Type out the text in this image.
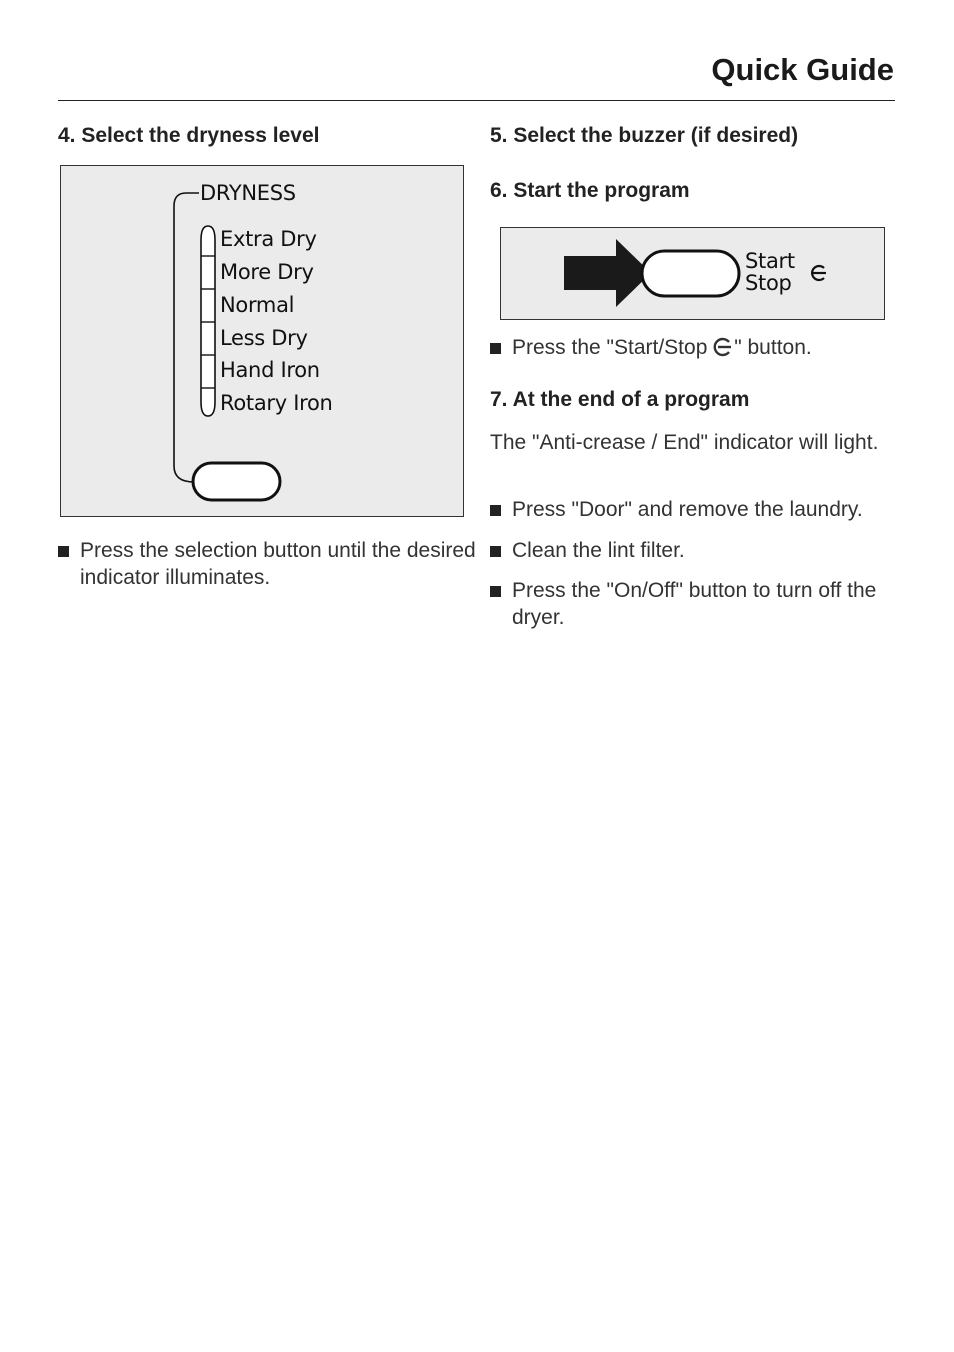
Quick Guide
4. Select the dryness level
DRYNESS
Extra Dry
More Dry
Normal
Less Dry
Hand Iron
Rotary Iron

Press the selection button until the desired indicator illuminates.

5. Select the buzzer (if desired)
6. Start the program
Start
Stop

Press the "Start/Stop " button.

7. At the end of a program

The "Anti-crease / End" indicator will light.

Press "Door" and remove the laundry.

Clean the lint filter.

Press the "On/Off" button to turn off the dryer.
